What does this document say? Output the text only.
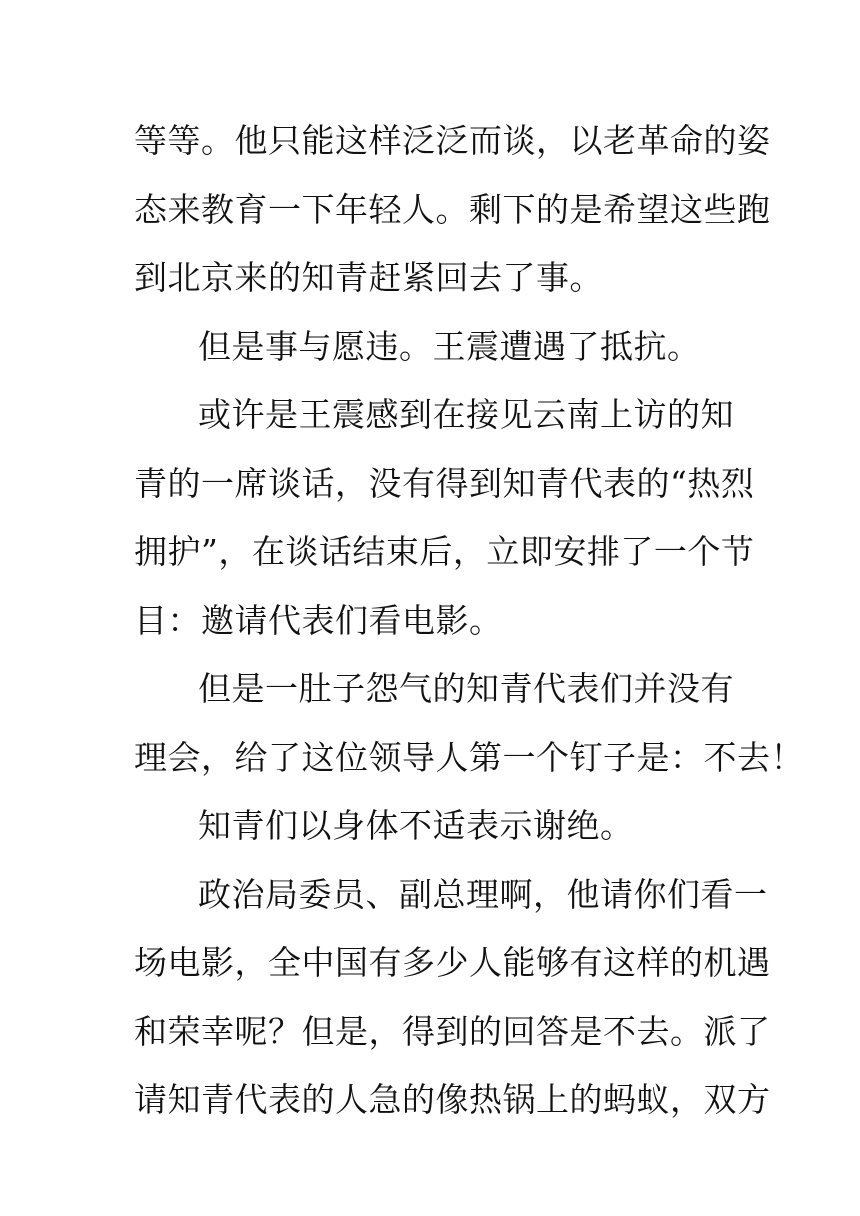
等等。他只能这样泛泛而谈，以老革命的姿
态来教育一下年轻人。剩下的是希望这些跑
到北京来的知青赶紧回去了事。
但是事与愿违。王震遭遇了抵抗。
或许是王震感到在接见云南上访的知
青的一席谈话，没有得到知青代表的“热烈
拥护”，在谈话结束后，立即安排了一个节
目：邀请代表们看电影。
但是一肚子怨气的知青代表们并没有
理会，给了这位领导人第一个钉子是：不去！
知青们以身体不适表示谢绝。
政治局委员、副总理啊，他请你们看一
场电影，全中国有多少人能够有这样的机遇
和荣幸呢？但是，得到的回答是不去。派了
请知青代表的人急的像热锅上的蚂蚁，双方
